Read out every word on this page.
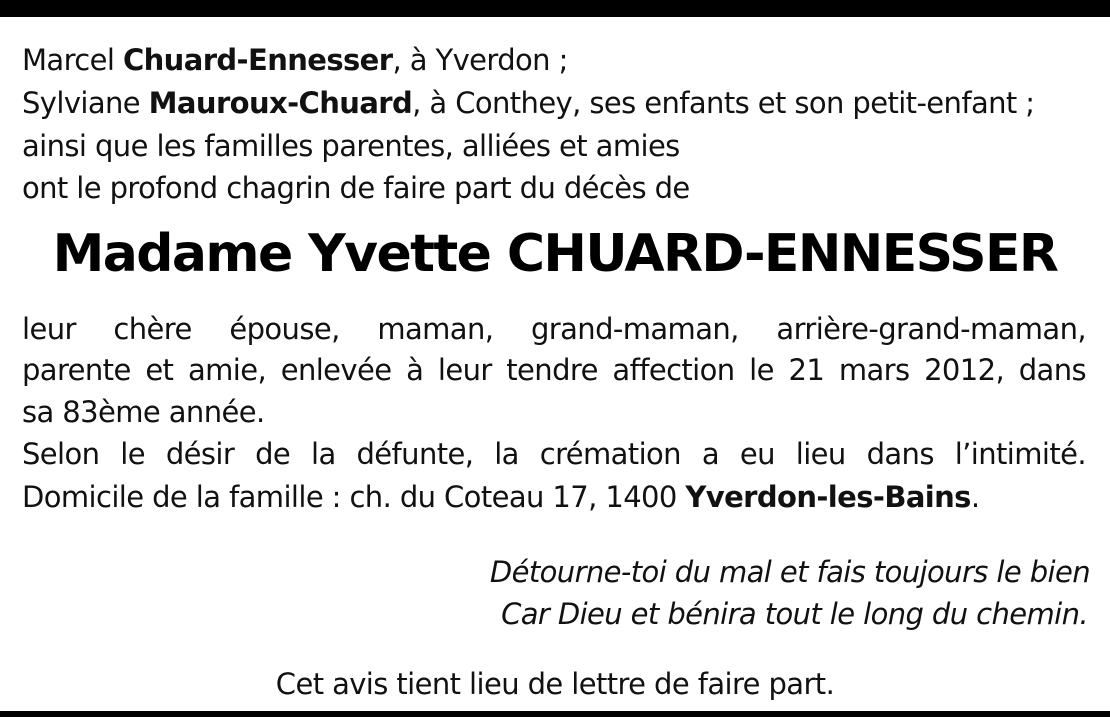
Marcel Chuard-Ennesser, à Yverdon ;
Sylviane Mauroux-Chuard, à Conthey, ses enfants et son petit-enfant ;
ainsi que les familles parentes, alliées et amies
ont le profond chagrin de faire part du décès de
Madame Yvette CHUARD-ENNESSER
leur chère épouse, maman, grand-maman, arrière-grand-maman,
parente et amie, enlevée à leur tendre affection le 21 mars 2012, dans
sa 83ème année.
Selon le désir de la défunte, la crémation a eu lieu dans l’intimité.
Domicile de la famille : ch. du Coteau 17, 1400 Yverdon-les-Bains.
Détourne-toi du mal et fais toujours le bien
Car Dieu et bénira tout le long du chemin.
Cet avis tient lieu de lettre de faire part.
